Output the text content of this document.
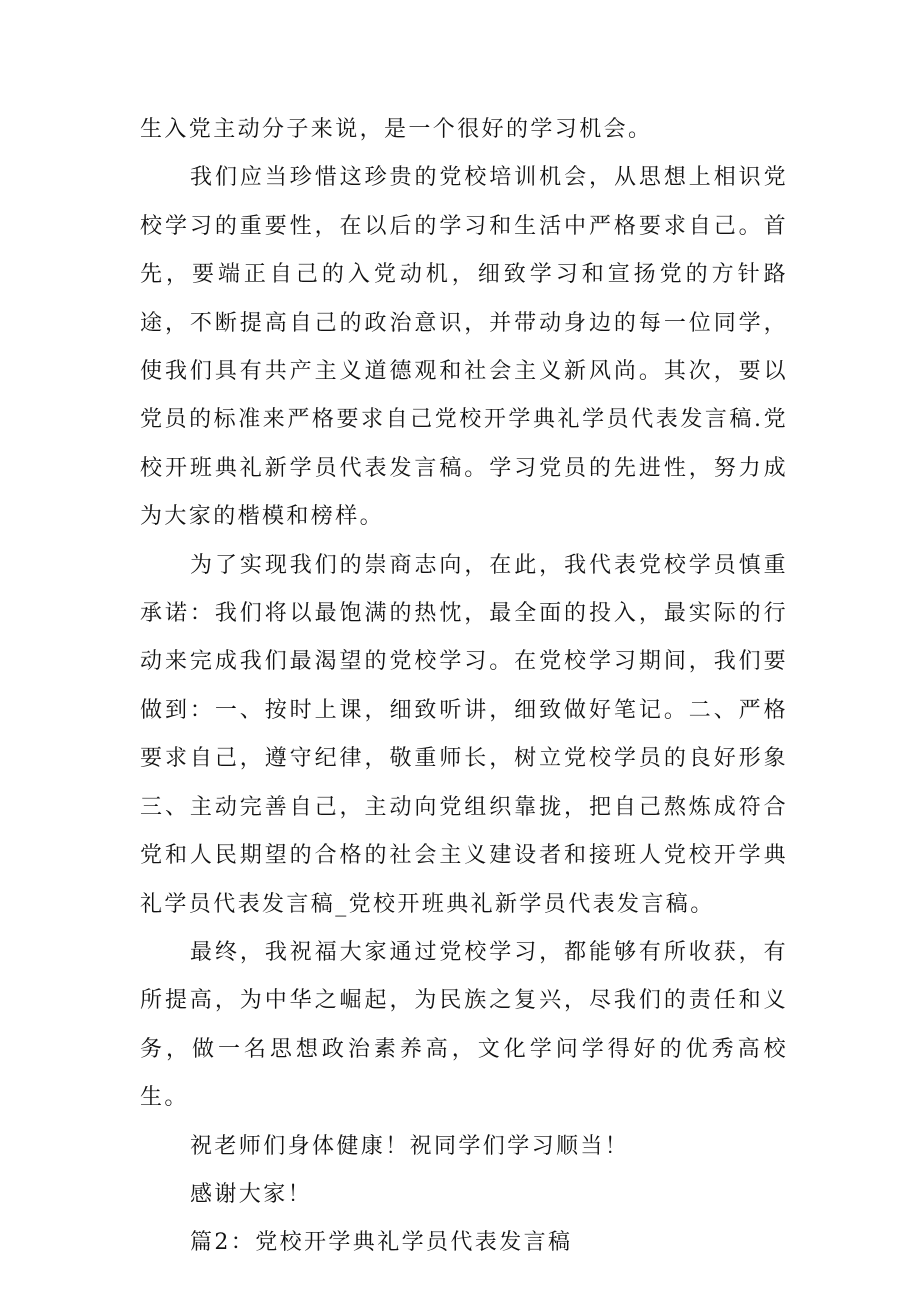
生入党主动分子来说，是一个很好的学习机会。

我们应当珍惜这珍贵的党校培训机会，从思想上相识党校学习的重要性，在以后的学习和生活中严格要求自己。首先，要端正自己的入党动机，细致学习和宣扬党的方针路途，不断提高自己的政治意识，并带动身边的每一位同学，使我们具有共产主义道德观和社会主义新风尚。其次，要以党员的标准来严格要求自己党校开学典礼学员代表发言稿.党校开班典礼新学员代表发言稿。学习党员的先进性，努力成为大家的楷模和榜样。

为了实现我们的崇商志向，在此，我代表党校学员慎重承诺：我们将以最饱满的热忱，最全面的投入，最实际的行动来完成我们最渴望的党校学习。在党校学习期间，我们要做到：一、按时上课，细致听讲，细致做好笔记。二、严格要求自己，遵守纪律，敬重师长，树立党校学员的良好形象三、主动完善自己，主动向党组织靠拢，把自己熬炼成符合党和人民期望的合格的社会主义建设者和接班人党校开学典礼学员代表发言稿_党校开班典礼新学员代表发言稿。

最终，我祝福大家通过党校学习，都能够有所收获，有所提高，为中华之崛起，为民族之复兴，尽我们的责任和义务，做一名思想政治素养高，文化学问学得好的优秀高校生。

祝老师们身体健康！祝同学们学习顺当！

感谢大家！

篇2：党校开学典礼学员代表发言稿
